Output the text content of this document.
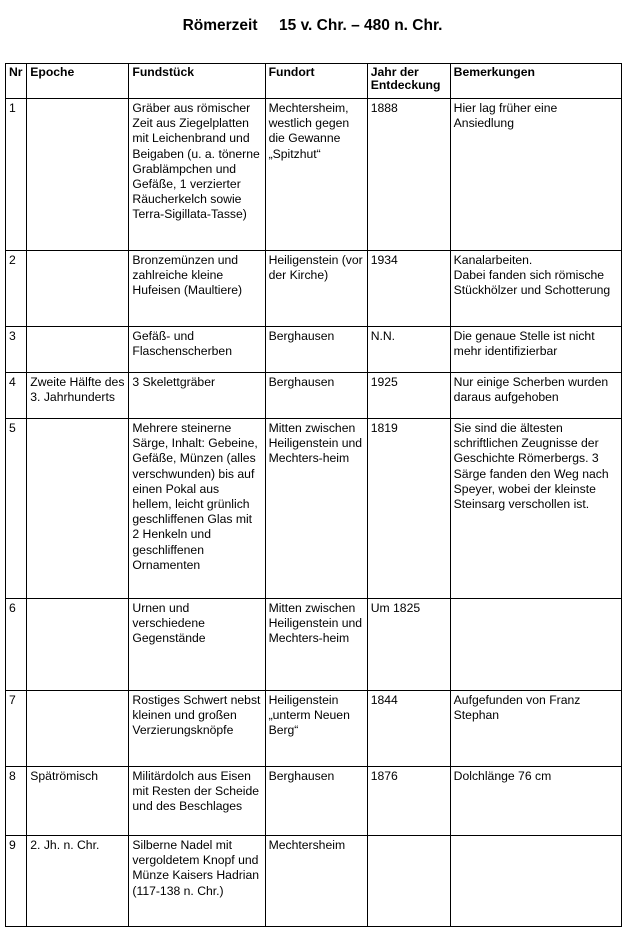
Römerzeit     15 v. Chr. – 480 n. Chr.
Nr	Epoche	Fundstück	Fundort	Jahr der Entdeckung	Bemerkungen
1		Gräber aus römischer Zeit aus Ziegelplatten mit Leichenbrand und Beigaben (u. a. tönerne Grablämpchen und Gefäße, 1 verzierter Räucherkelch sowie Terra-Sigillata-Tasse)	Mechtersheim, westlich gegen die Gewanne „Spitzhut“	1888	Hier lag früher eine Ansiedlung
2		Bronzemünzen und zahlreiche kleine Hufeisen (Maultiere)	Heiligenstein (vor der Kirche)	1934	Kanalarbeiten.
Dabei fanden sich römische Stückhölzer und Schotterung
3		Gefäß- und Flaschenscherben	Berghausen	N.N.	Die genaue Stelle ist nicht mehr identifizierbar
4	Zweite Hälfte des
3. Jahrhunderts	3 Skelettgräber	Berghausen	1925	Nur einige Scherben wurden daraus aufgehoben
5		Mehrere steinerne Särge, Inhalt: Gebeine, Gefäße, Münzen (alles verschwunden) bis auf einen Pokal aus hellem, leicht grünlich geschliffenen Glas mit 2 Henkeln und geschliffenen Ornamenten	Mitten zwischen Heiligenstein und Mechters-heim	1819	Sie sind die ältesten schriftlichen Zeugnisse der Geschichte Römerbergs. 3 Särge fanden den Weg nach Speyer, wobei der kleinste Steinsarg verschollen ist.
6		Urnen und verschiedene Gegenstände	Mitten zwischen Heiligenstein und Mechters-heim	Um 1825	
7		Rostiges Schwert nebst kleinen und großen Verzierungsknöpfe	Heiligenstein „unterm Neuen Berg“	1844	Aufgefunden von Franz Stephan
8	Spätrömisch	Militärdolch aus Eisen mit Resten der Scheide und des Beschlages	Berghausen	1876	Dolchlänge 76 cm
9	2. Jh. n. Chr.	Silberne Nadel mit vergoldetem Knopf und Münze Kaisers Hadrian (117-138 n. Chr.)	Mechtersheim		
